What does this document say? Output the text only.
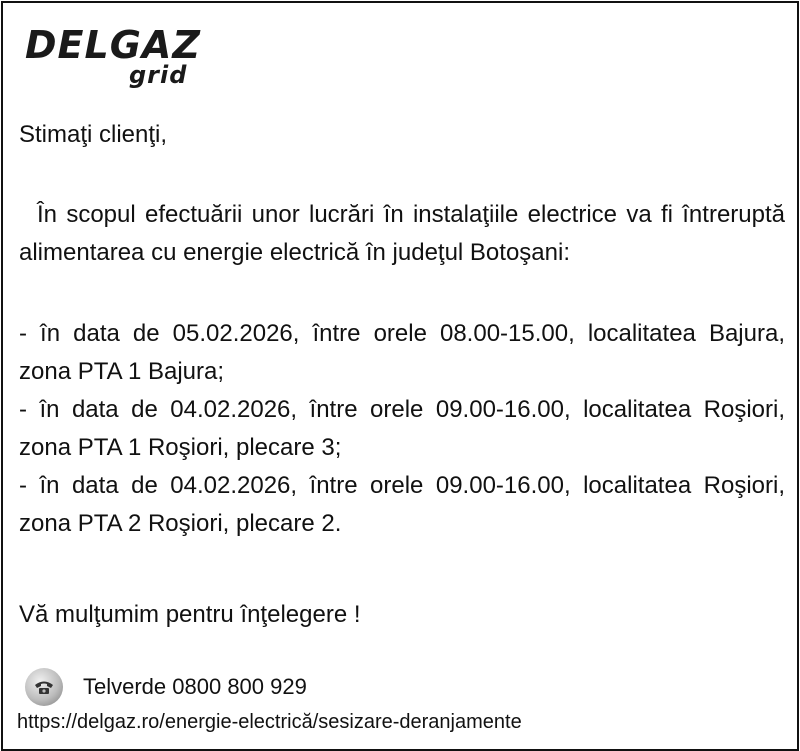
DELGAZ
grid
Stimaţi clienţi,
În scopul efectuării unor lucrări în instalaţiile electrice va fi întreruptă alimentarea cu energie electrică în judeţul Botoşani:
- în data de 05.02.2026, între orele 08.00-15.00, localitatea Bajura, zona PTA 1 Bajura;
- în data de 04.02.2026, între orele 09.00-16.00, localitatea Roşiori, zona PTA 1 Roşiori, plecare 3;
- în data de 04.02.2026, între orele 09.00-16.00, localitatea Roşiori, zona PTA 2 Roşiori, plecare 2.
Vă mulţumim pentru înţelegere !
Telverde 0800 800 929
https://delgaz.ro/energie-electrică/sesizare-deranjamente
